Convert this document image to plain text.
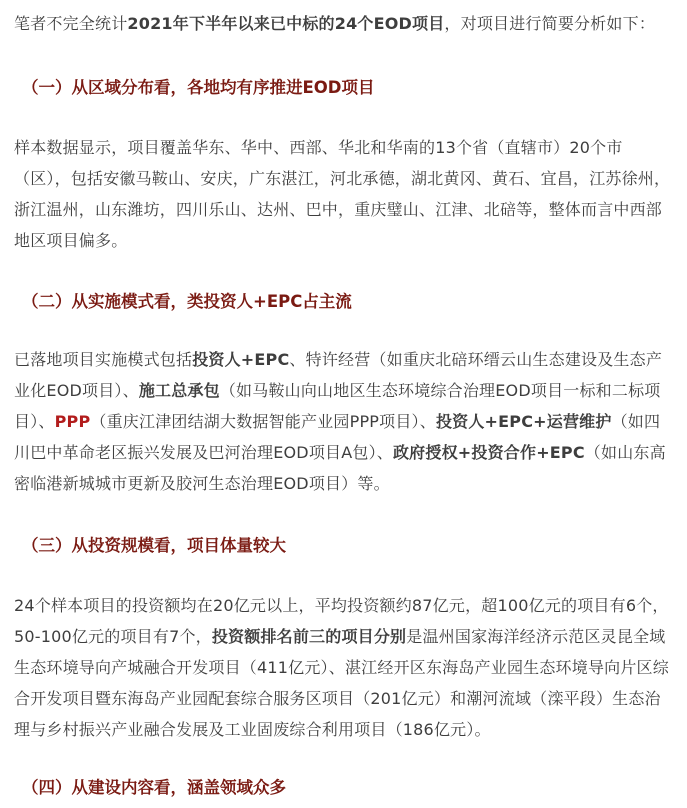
笔者不完全统计2021年下半年以来已中标的24个EOD项目，对项目进行简要分析如下：

（一）从区域分布看，各地均有序推进EOD项目

样本数据显示，项目覆盖华东、华中、西部、华北和华南的13个省（直辖市）20个市（区），包括安徽马鞍山、安庆，广东湛江，河北承德，湖北黄冈、黄石、宜昌，江苏徐州，浙江温州，山东潍坊，四川乐山、达州、巴中，重庆璧山、江津、北碚等，整体而言中西部地区项目偏多。

（二）从实施模式看，类投资人+EPC占主流

已落地项目实施模式包括投资人+EPC、特许经营（如重庆北碚环缙云山生态建设及生态产业化EOD项目）、施工总承包（如马鞍山向山地区生态环境综合治理EOD项目一标和二标项目）、PPP（重庆江津团结湖大数据智能产业园PPP项目）、投资人+EPC+运营维护（如四川巴中革命老区振兴发展及巴河治理EOD项目A包）、政府授权+投资合作+EPC（如山东高密临港新城城市更新及胶河生态治理EOD项目）等。

（三）从投资规模看，项目体量较大

24个样本项目的投资额均在20亿元以上，平均投资额约87亿元，超100亿元的项目有6个，50-100亿元的项目有7个，投资额排名前三的项目分别是温州国家海洋经济示范区灵昆全域生态环境导向产城融合开发项目（411亿元）、湛江经开区东海岛产业园生态环境导向片区综合开发项目暨东海岛产业园配套综合服务区项目（201亿元）和潮河流域（滦平段）生态治理与乡村振兴产业融合发展及工业固废综合利用项目（186亿元）。

（四）从建设内容看，涵盖领域众多
